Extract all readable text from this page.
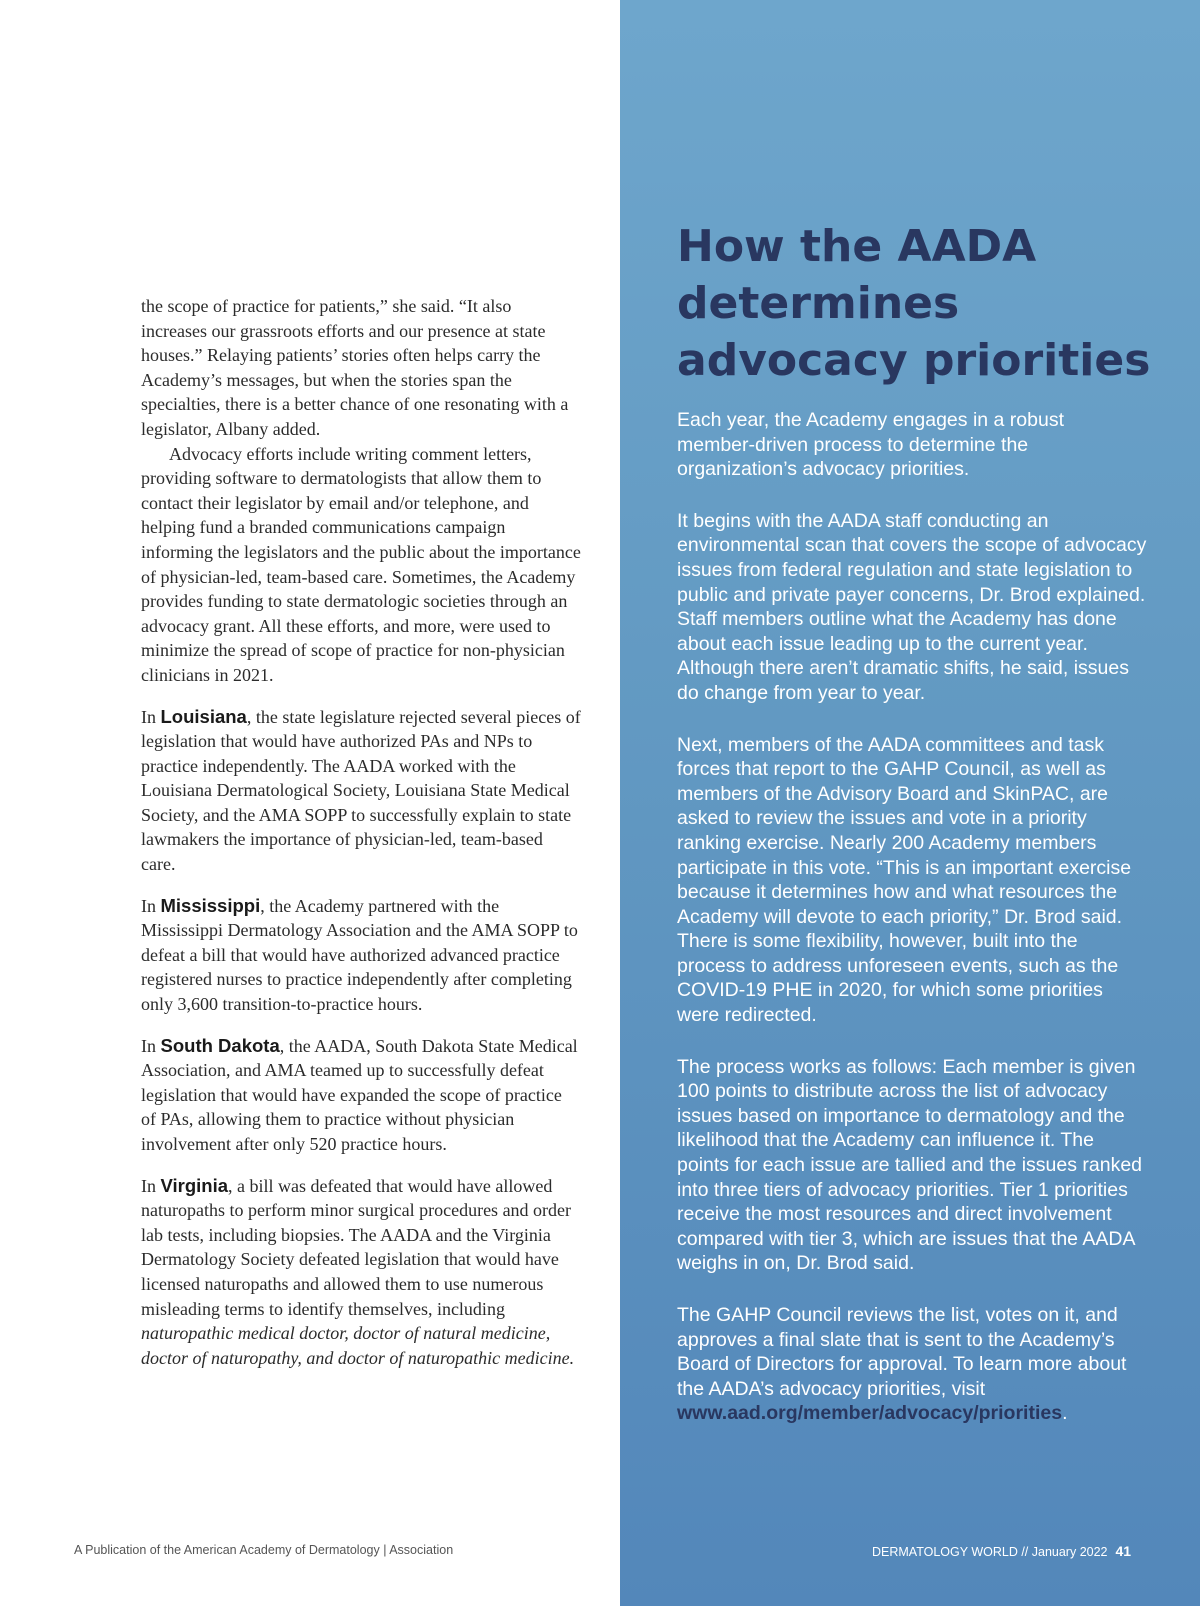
the scope of practice for patients,” she said. “It also increases our grassroots efforts and our presence at state houses.” Relaying patients’ stories often helps carry the Academy’s messages, but when the stories span the specialties, there is a better chance of one resonating with a legislator, Albany added.

Advocacy efforts include writing comment letters, providing software to dermatologists that allow them to contact their legislator by email and/or telephone, and helping fund a branded communications campaign informing the legislators and the public about the importance of physician-led, team-based care. Sometimes, the Academy provides funding to state dermatologic societies through an advocacy grant. All these efforts, and more, were used to minimize the spread of scope of practice for non-physician clinicians in 2021.

In Louisiana, the state legislature rejected several pieces of legislation that would have authorized PAs and NPs to practice independently. The AADA worked with the Louisiana Dermatological Society, Louisiana State Medical Society, and the AMA SOPP to successfully explain to state lawmakers the importance of physician-led, team-based care.

In Mississippi, the Academy partnered with the Mississippi Dermatology Association and the AMA SOPP to defeat a bill that would have authorized advanced practice registered nurses to practice independently after completing only 3,600 transition-to-practice hours.

In South Dakota, the AADA, South Dakota State Medical Association, and AMA teamed up to successfully defeat legislation that would have expanded the scope of practice of PAs, allowing them to practice without physician involvement after only 520 practice hours.

In Virginia, a bill was defeated that would have allowed naturopaths to perform minor surgical procedures and order lab tests, including biopsies. The AADA and the Virginia Dermatology Society defeated legislation that would have licensed naturopaths and allowed them to use numerous misleading terms to identify themselves, including naturopathic medical doctor, doctor of natural medicine, doctor of naturopathy, and doctor of naturopathic medicine.

How the AADA determines advocacy priorities

Each year, the Academy engages in a robust member-driven process to determine the organization’s advocacy priorities.

It begins with the AADA staff conducting an environmental scan that covers the scope of advocacy issues from federal regulation and state legislation to public and private payer concerns, Dr. Brod explained. Staff members outline what the Academy has done about each issue leading up to the current year. Although there aren’t dramatic shifts, he said, issues do change from year to year.

Next, members of the AADA committees and task forces that report to the GAHP Council, as well as members of the Advisory Board and SkinPAC, are asked to review the issues and vote in a priority ranking exercise. Nearly 200 Academy members participate in this vote. “This is an important exercise because it determines how and what resources the Academy will devote to each priority,” Dr. Brod said. There is some flexibility, however, built into the process to address unforeseen events, such as the COVID-19 PHE in 2020, for which some priorities were redirected.

The process works as follows: Each member is given 100 points to distribute across the list of advocacy issues based on importance to dermatology and the likelihood that the Academy can influence it. The points for each issue are tallied and the issues ranked into three tiers of advocacy priorities. Tier 1 priorities receive the most resources and direct involvement compared with tier 3, which are issues that the AADA weighs in on, Dr. Brod said.

The GAHP Council reviews the list, votes on it, and approves a final slate that is sent to the Academy’s Board of Directors for approval. To learn more about the AADA’s advocacy priorities, visit www.aad.org/member/advocacy/priorities.

A Publication of the American Academy of Dermatology | Association	DERMATOLOGY WORLD // January 2022 41
